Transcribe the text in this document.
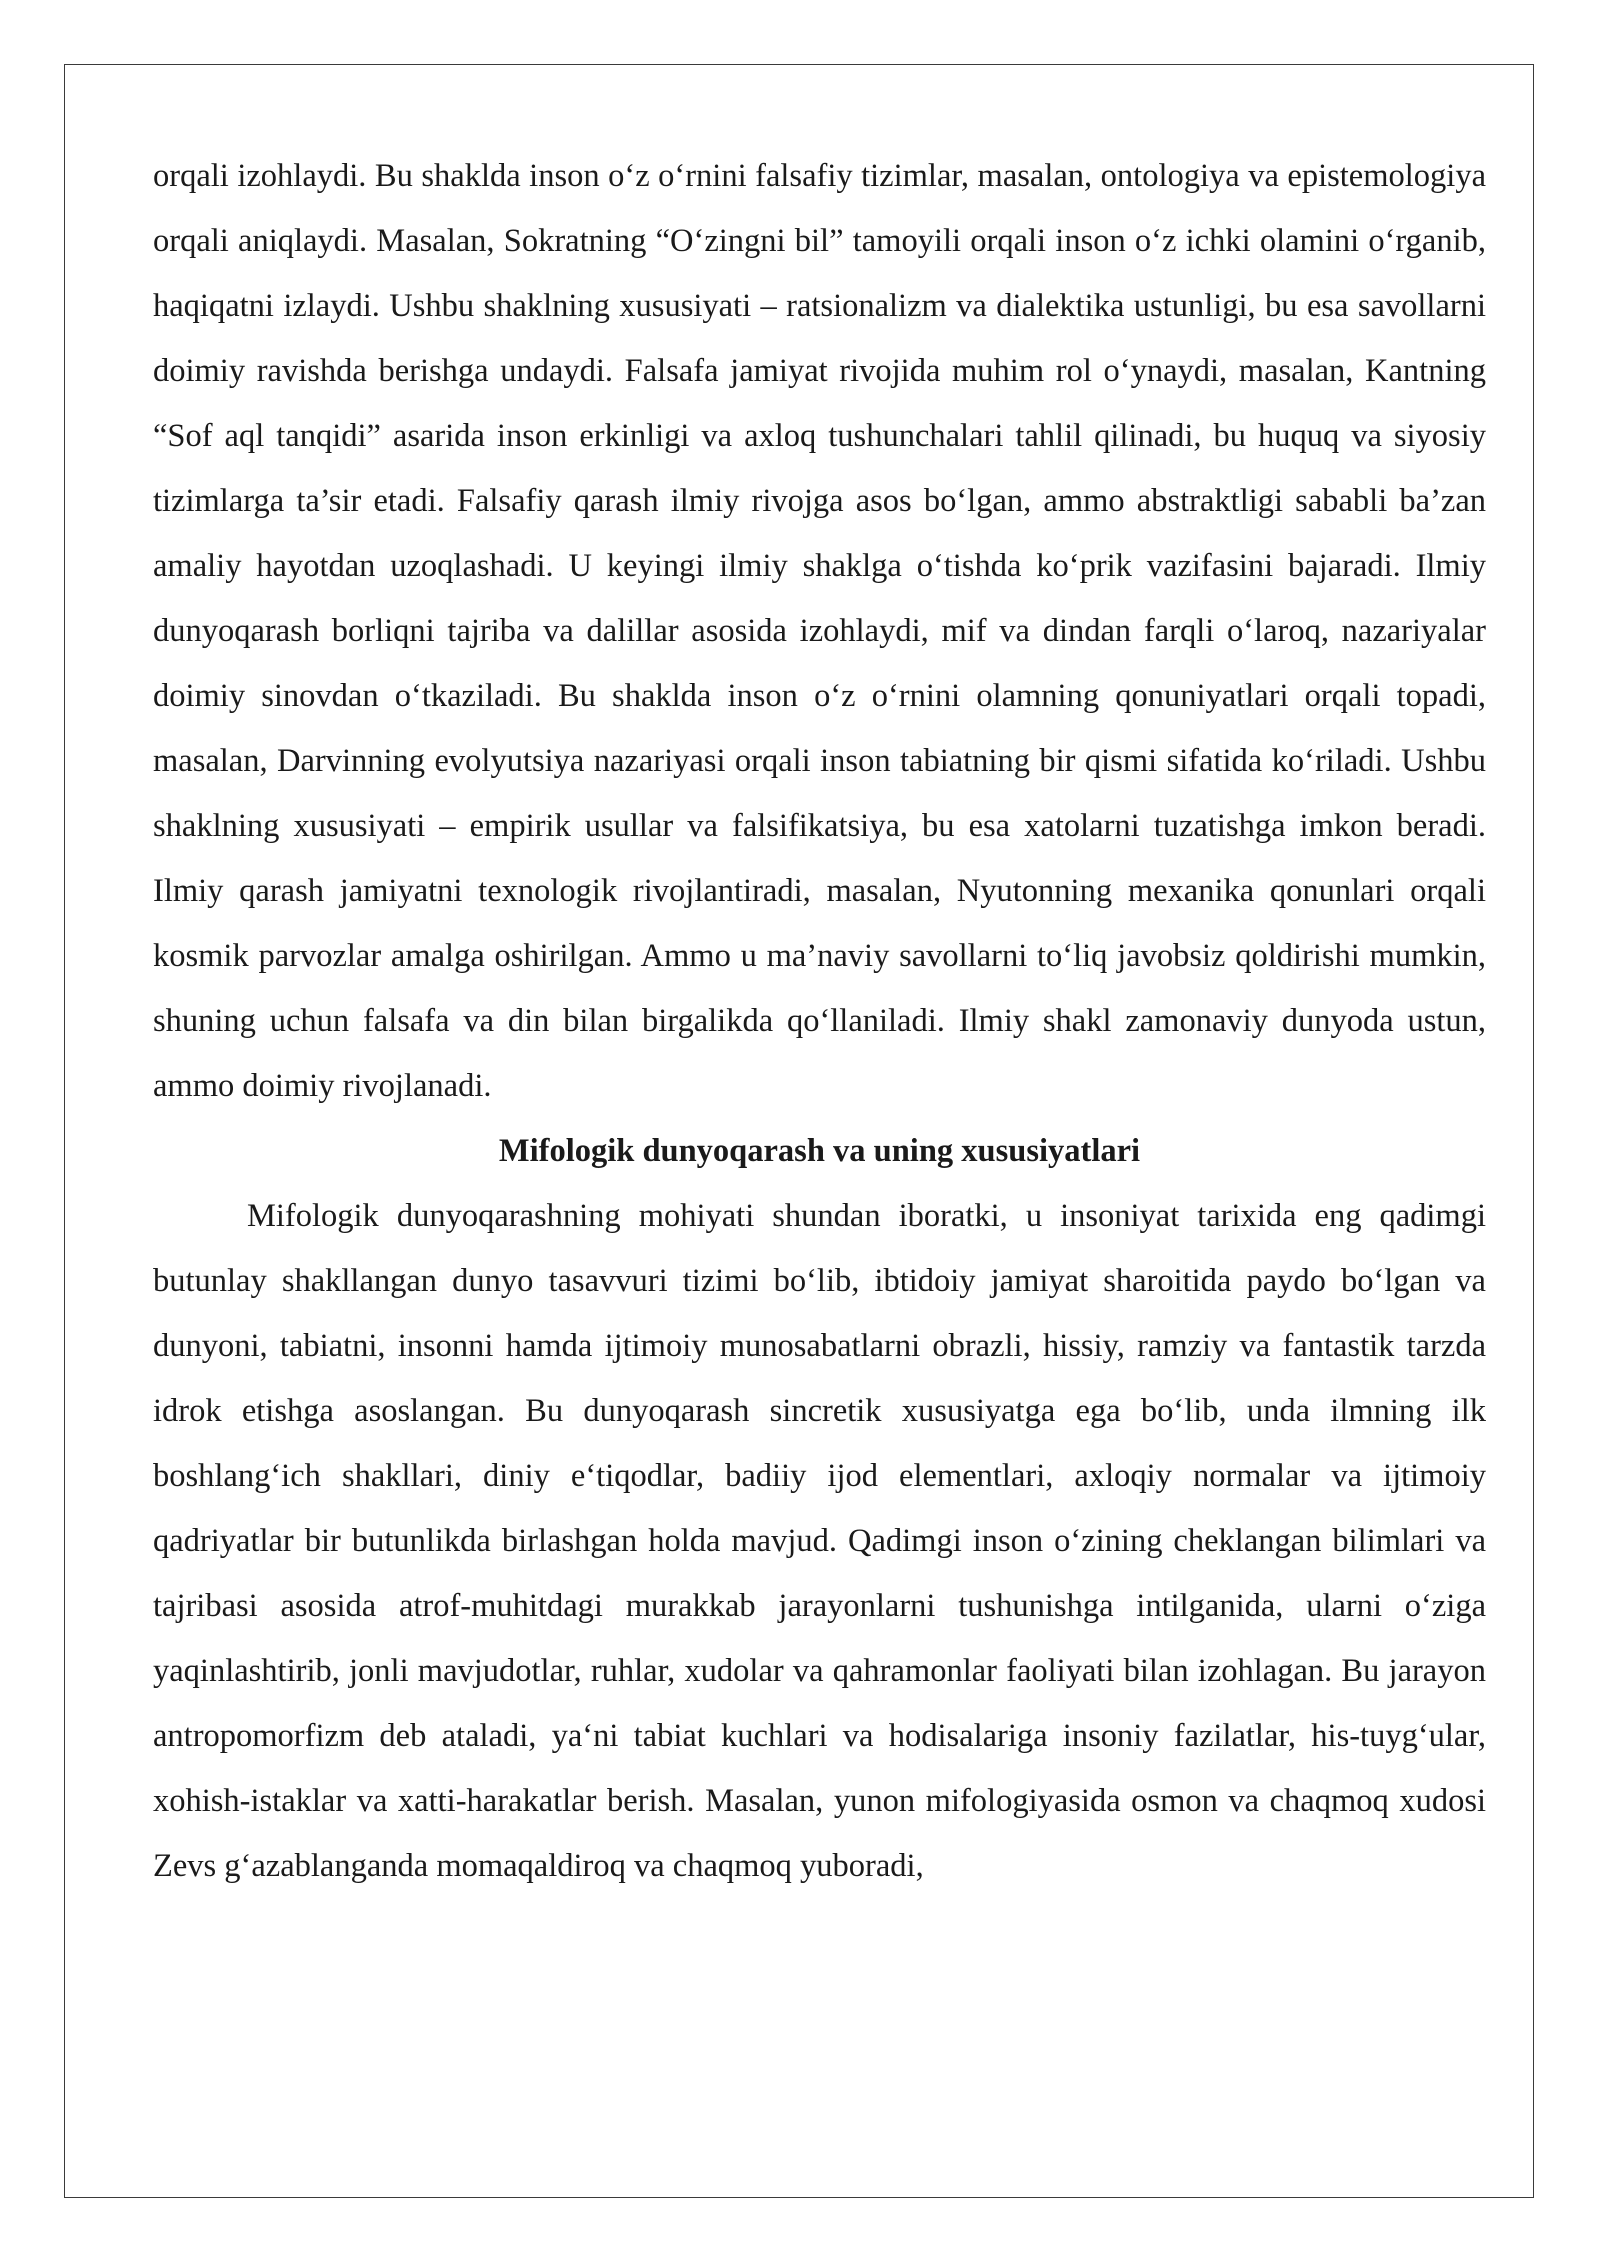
orqali izohlaydi. Bu shaklda inson o‘z o‘rnini falsafiy tizimlar, masalan, ontologiya va epistemologiya orqali aniqlaydi. Masalan, Sokratning “O‘zingni bil” tamoyili orqali inson o‘z ichki olamini o‘rganib, haqiqatni izlaydi. Ushbu shaklning xususiyati – ratsionalizm va dialektika ustunligi, bu esa savollarni doimiy ravishda berishga undaydi. Falsafa jamiyat rivojida muhim rol o‘ynaydi, masalan, Kantning “Sof aql tanqidi” asarida inson erkinligi va axloq tushunchalari tahlil qilinadi, bu huquq va siyosiy tizimlarga ta’sir etadi. Falsafiy qarash ilmiy rivojga asos bo‘lgan, ammo abstraktligi sababli ba’zan amaliy hayotdan uzoqlashadi. U keyingi ilmiy shaklga o‘tishda ko‘prik vazifasini bajaradi. Ilmiy dunyoqarash borliqni tajriba va dalillar asosida izohlaydi, mif va dindan farqli o‘laroq, nazariyalar doimiy sinovdan o‘tkaziladi. Bu shaklda inson o‘z o‘rnini olamning qonuniyatlari orqali topadi, masalan, Darvinning evolyutsiya nazariyasi orqali inson tabiatning bir qismi sifatida ko‘riladi. Ushbu shaklning xususiyati – empirik usullar va falsifikatsiya, bu esa xatolarni tuzatishga imkon beradi. Ilmiy qarash jamiyatni texnologik rivojlantiradi, masalan, Nyutonning mexanika qonunlari orqali kosmik parvozlar amalga oshirilgan. Ammo u ma’naviy savollarni to‘liq javobsiz qoldirishi mumkin, shuning uchun falsafa va din bilan birgalikda qo‘llaniladi. Ilmiy shakl zamonaviy dunyoda ustun, ammo doimiy rivojlanadi.

Mifologik dunyoqarash va uning xususiyatlari

Mifologik dunyoqarashning mohiyati shundan iboratki, u insoniyat tarixida eng qadimgi butunlay shakllangan dunyo tasavvuri tizimi bo‘lib, ibtidoiy jamiyat sharoitida paydo bo‘lgan va dunyoni, tabiatni, insonni hamda ijtimoiy munosabatlarni obrazli, hissiy, ramziy va fantastik tarzda idrok etishga asoslangan. Bu dunyoqarash sincretik xususiyatga ega bo‘lib, unda ilmning ilk boshlang‘ich shakllari, diniy e‘tiqodlar, badiiy ijod elementlari, axloqiy normalar va ijtimoiy qadriyatlar bir butunlikda birlashgan holda mavjud. Qadimgi inson o‘zining cheklangan bilimlari va tajribasi asosida atrof-muhitdagi murakkab jarayonlarni tushunishga intilganida, ularni o‘ziga yaqinlashtirib, jonli mavjudotlar, ruhlar, xudolar va qahramonlar faoliyati bilan izohlagan. Bu jarayon antropomorfizm deb ataladi, ya‘ni tabiat kuchlari va hodisalariga insoniy fazilatlar, his-tuyg‘ular, xohish-istaklar va xatti-harakatlar berish. Masalan, yunon mifologiyasida osmon va chaqmoq xudosi Zevs g‘azablanganda momaqaldiroq va chaqmoq yuboradi,
